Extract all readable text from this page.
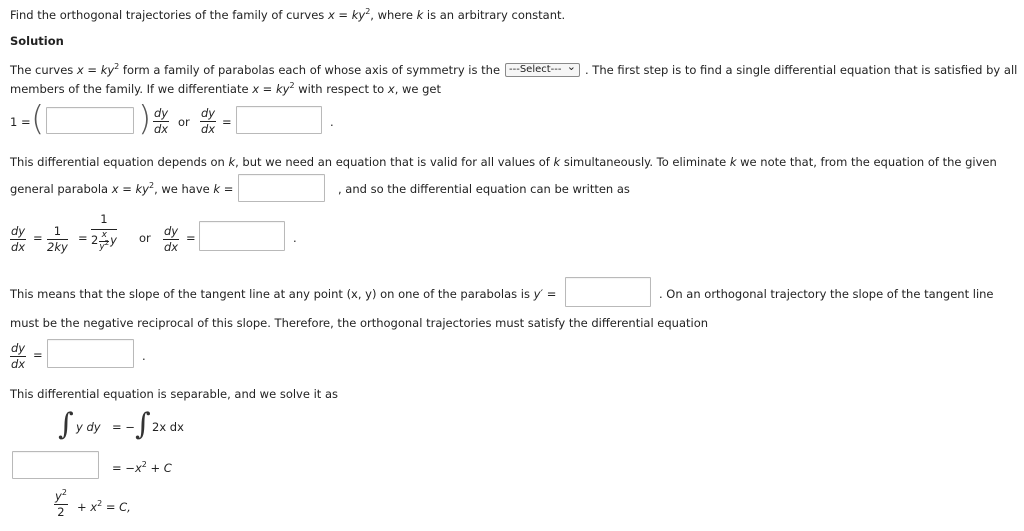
Find the orthogonal trajectories of the family of curves $x = ky^2$, where k is an arbitrary constant.
Solution
The curves $x = ky^2$ form a family of parabolas each of whose axis of symmetry is the ---Select--- ⌄ . The first step is to find a single differential equation that is satisfied by all
members of the family. If we differentiate $x = ky^2$ with respect to x, we get
1 = (	) $\frac{dy}{dx}$ or $\frac{dy}{dx}$ =	.
This differential equation depends on k, but we need an equation that is valid for all values of k simultaneously. To eliminate k we note that, from the equation of the given
general parabola $x = ky^2$, we have k =	, and so the differential equation can be written as
$\frac{dy}{dx} = \frac{1}{2ky} = 1$
2 x
$y^2$ y or $\frac{dy}{dx}$ =	.
This means that the slope of the tangent line at any point (x, y) on one of the parabolas is y′ =	. On an orthogonal trajectory the slope of the tangent line
must be the negative reciprocal of this slope. Therefore, the orthogonal trajectories must satisfy the differential equation
$\frac{dy}{dx}$ =	.
This differential equation is separable, and we solve it as
∫ y dy = − ∫ 2x dx
= $-x^2 + C$
$\frac{y^2}{2} + x^2 = C$,
